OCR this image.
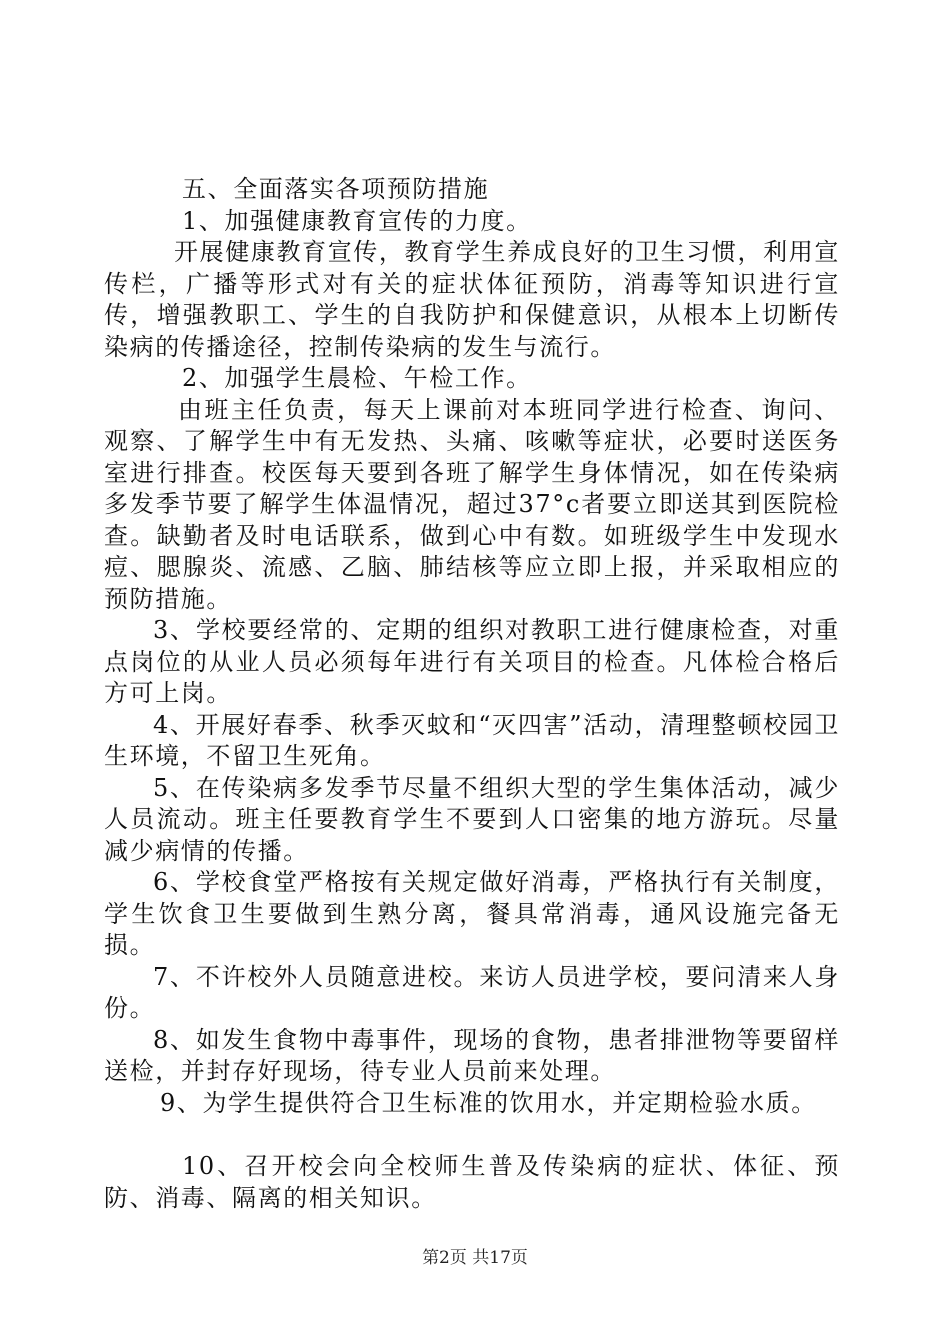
五、全面落实各项预防措施

1、加强健康教育宣传的力度。

开展健康教育宣传，教育学生养成良好的卫生习惯，利用宣传栏，广播等形式对有关的症状体征预防，消毒等知识进行宣传，增强教职工、学生的自我防护和保健意识，从根本上切断传染病的传播途径，控制传染病的发生与流行。

2、加强学生晨检、午检工作。

由班主任负责，每天上课前对本班同学进行检查、询问、观察、了解学生中有无发热、头痛、咳嗽等症状，必要时送医务室进行排查。校医每天要到各班了解学生身体情况，如在传染病多发季节要了解学生体温情况，超过37°c者要立即送其到医院检查。缺勤者及时电话联系，做到心中有数。如班级学生中发现水痘、腮腺炎、流感、乙脑、肺结核等应立即上报，并采取相应的预防措施。

3、学校要经常的、定期的组织对教职工进行健康检查，对重点岗位的从业人员必须每年进行有关项目的检查。凡体检合格后方可上岗。

4、开展好春季、秋季灭蚊和“灭四害”活动，清理整顿校园卫生环境，不留卫生死角。

5、在传染病多发季节尽量不组织大型的学生集体活动，减少人员流动。班主任要教育学生不要到人口密集的地方游玩。尽量减少病情的传播。

6、学校食堂严格按有关规定做好消毒，严格执行有关制度，学生饮食卫生要做到生熟分离，餐具常消毒，通风设施完备无损。

7、不许校外人员随意进校。来访人员进学校，要问清来人身份。

8、如发生食物中毒事件，现场的食物，患者排泄物等要留样送检，并封存好现场，待专业人员前来处理。

9、为学生提供符合卫生标准的饮用水，并定期检验水质。

10、召开校会向全校师生普及传染病的症状、体征、预防、消毒、隔离的相关知识。

第2页 共17页
